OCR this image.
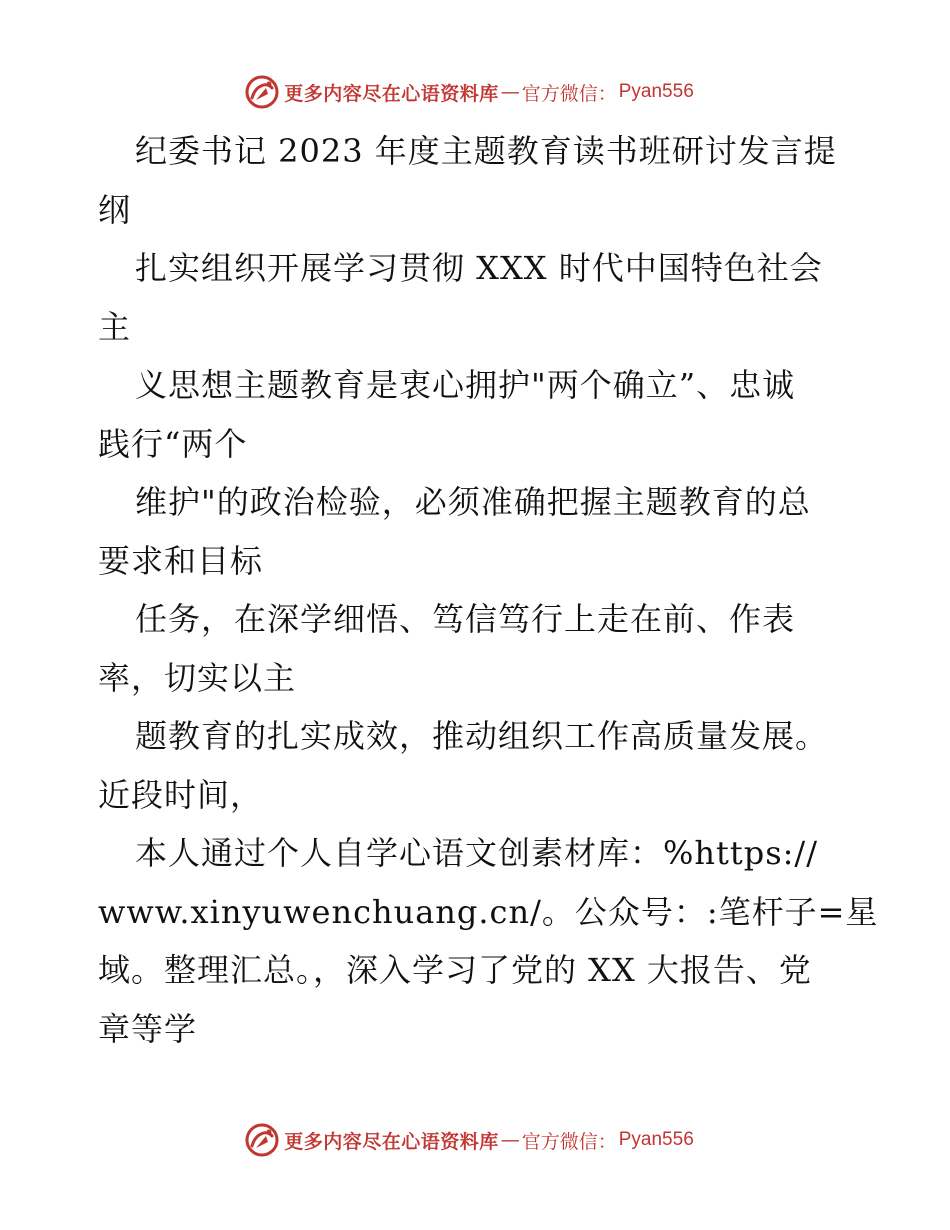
更多内容尽在心语资料库 — 官方微信： Pyan556
纪委书记 2023 年度主题教育读书班研讨发言提
纲
扎实组织开展学习贯彻 XXX 时代中国特色社会
主
义思想主题教育是衷心拥护"两个确立”、忠诚
践行“两个
维护"的政治检验，必须准确把握主题教育的总
要求和目标
任务，在深学细悟、笃信笃行上走在前、作表
率，切实以主
题教育的扎实成效，推动组织工作高质量发展。
近段时间，
本人通过个人自学心语文创素材库：%https://
www.xinyuwenchuang.cn/。公众号：:笔杆子=星
域。整理汇总。，深入学习了党的 XX 大报告、党
章等学
更多内容尽在心语资料库 — 官方微信： Pyan556
